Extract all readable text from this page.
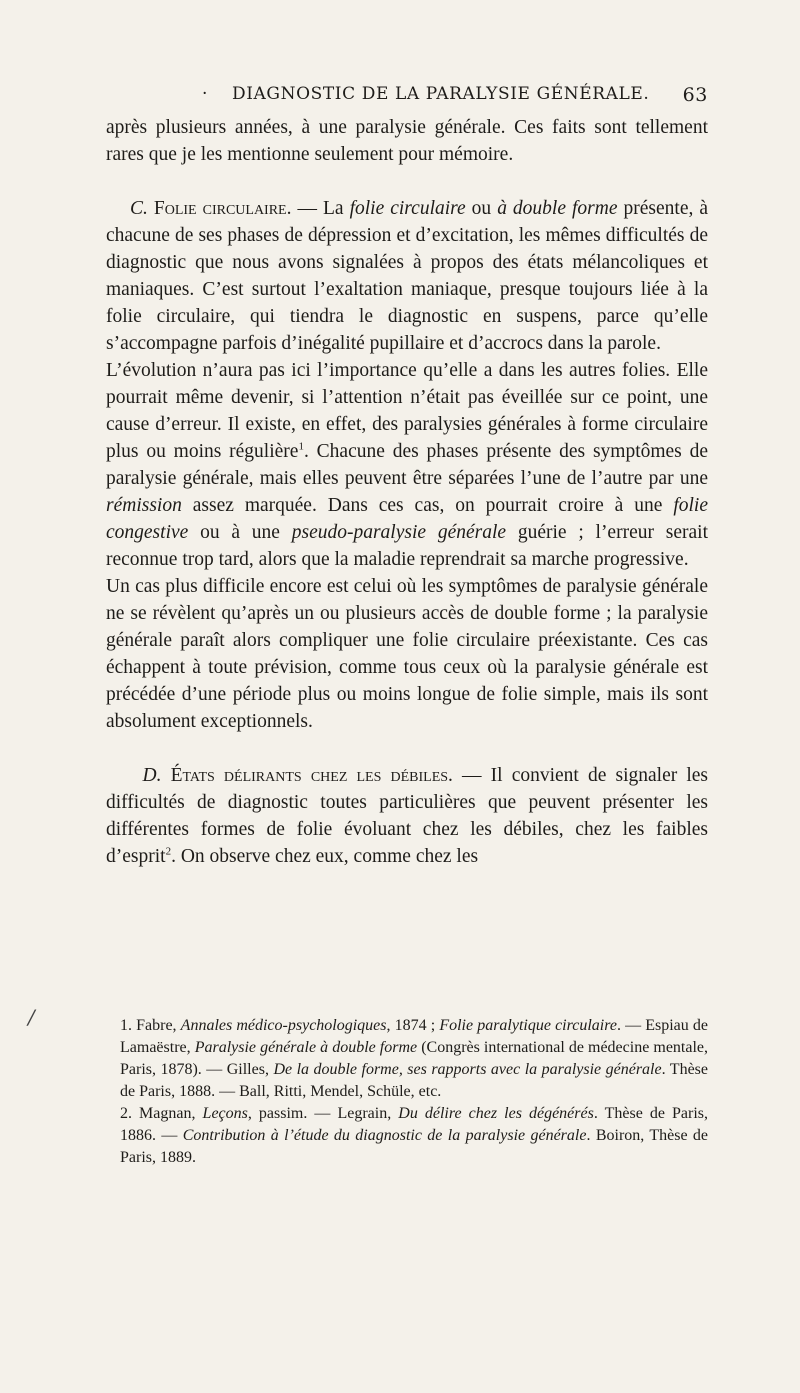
· DIAGNOSTIC DE LA PARALYSIE GÉNÉRALE. 63

après plusieurs années, à une paralysie générale. Ces faits sont tellement rares que je les mentionne seulement pour mémoire.

C. Folie circulaire. — La folie circulaire ou à double forme présente, à chacune de ses phases de dépression et d’excitation, les mêmes difficultés de diagnostic que nous avons signalées à propos des états mélancoliques et maniaques. C’est surtout l’exaltation maniaque, presque toujours liée à la folie circulaire, qui tiendra le diagnostic en suspens, parce qu’elle s’accompagne parfois d’inégalité pupillaire et d’accrocs dans la parole.

L’évolution n’aura pas ici l’importance qu’elle a dans les autres folies. Elle pourrait même devenir, si l’attention n’était pas éveillée sur ce point, une cause d’erreur. Il existe, en effet, des paralysies générales à forme circulaire plus ou moins régulière$^1$. Chacune des phases présente des symptômes de paralysie générale, mais elles peuvent être séparées l’une de l’autre par une rémission assez marquée. Dans ces cas, on pourrait croire à une folie congestive ou à une pseudo-paralysie générale guérie ; l’erreur serait reconnue trop tard, alors que la maladie reprendrait sa marche progressive.

Un cas plus difficile encore est celui où les symptômes de paralysie générale ne se révèlent qu’après un ou plusieurs accès de double forme ; la paralysie générale paraît alors compliquer une folie circulaire préexistante. Ces cas échappent à toute prévision, comme tous ceux où la paralysie générale est précédée d’une période plus ou moins longue de folie simple, mais ils sont absolument exceptionnels.

D. États délirants chez les débiles. — Il convient de signaler les difficultés de diagnostic toutes particulières que peuvent présenter les différentes formes de folie évoluant chez les débiles, chez les faibles d’esprit$^2$. On observe chez eux, comme chez les

/	1. Fabre, Annales médico-psychologiques, 1874 ; Folie paralytique circulaire. — Espiau de Lamaëstre, Paralysie générale à double forme (Congrès international de médecine mentale, Paris, 1878). — Gilles, De la double forme, ses rapports avec la paralysie générale. Thèse de Paris, 1888. — Ball, Ritti, Mendel, Schüle, etc.

2. Magnan, Leçons, passim. — Legrain, Du délire chez les dégénérés. Thèse de Paris, 1886. — Contribution à l’étude du diagnostic de la paralysie générale. Boiron, Thèse de Paris, 1889.
